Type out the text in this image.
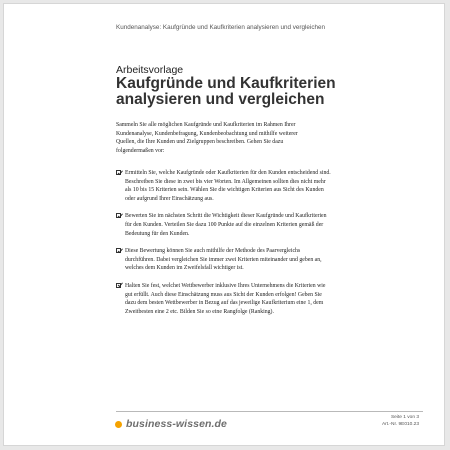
Kundenanalyse: Kaufgründe und Kaufkriterien analysieren und vergleichen
Arbeitsvorlage
Kaufgründe und Kaufkriterien
analysieren und vergleichen

Sammeln Sie alle möglichen Kaufgründe und Kaufkriterien im Rahmen Ihrer Kundenanalyse, Kundenbefragung, Kundenbeobachtung und mithilfe weiterer Quellen, die Ihre Kunden und Zielgruppen beschreiben. Gehen Sie dazu folgendermaßen vor:

Ermitteln Sie, welche Kaufgründe oder Kaufkriterien für den Kunden entscheidend sind. Beschreiben Sie diese in zwei bis vier Worten. Im Allgemeinen sollten dies nicht mehr als 10 bis 15 Kriterien sein. Wählen Sie die wichtigen Kriterien aus Sicht des Kunden oder aufgrund Ihrer Einschätzung aus.
Bewerten Sie im nächsten Schritt die Wichtigkeit dieser Kaufgründe und Kaufkriterien für den Kunden. Verteilen Sie dazu 100 Punkte auf die einzelnen Kriterien gemäß der Bedeutung für den Kunden.
Diese Bewertung können Sie auch mithilfe der Methode des Paarvergleichs durchführen. Dabei vergleichen Sie immer zwei Kriterien miteinander und geben an, welches dem Kunden im Zweifelsfall wichtiger ist.
Halten Sie fest, welchet Wettbewerber inklusive Ihres Unternehmens die Kriterien wie gut erfüllt. Auch diese Einschätzung muss aus Sicht der Kunden erfolgen! Geben Sie dazu dem besten Wettbewerber in Bezug auf das jeweilige Kaufkriterium eine 1, dem Zweitbesten eine 2 etc. Bilden Sie so eine Rangfolge (Ranking).
business-wissen.de
Seite 1 von 3
Art.-Nr. 9E010.23
